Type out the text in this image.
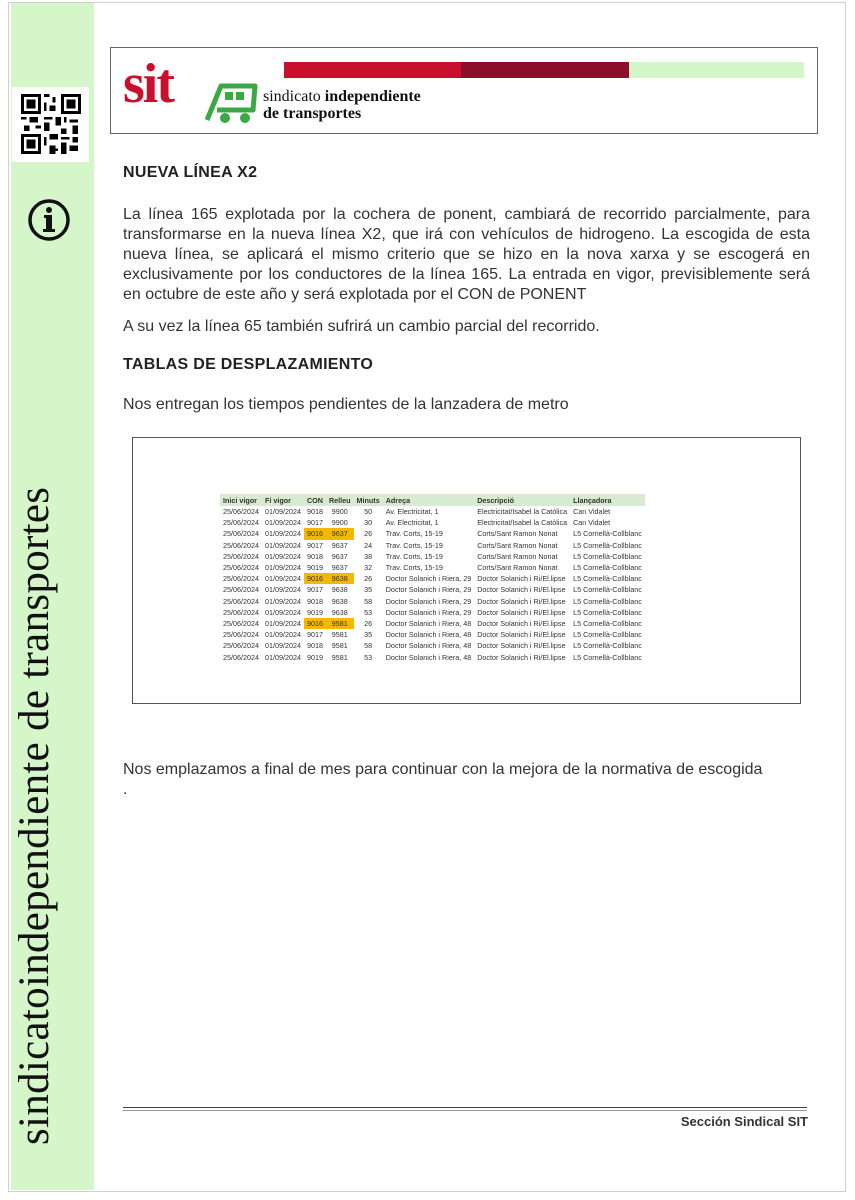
sindicatoindependiente de transportes
sit	sindicato independiente
de transportes
NUEVA LÍNEA X2

La línea 165 explotada por la cochera de ponent, cambiará de recorrido parcialmente, para transformarse en la nueva línea X2, que irá con vehículos de hidrogeno. La escogida de esta nueva línea, se aplicará el mismo criterio que se hizo en la nova xarxa y se escogerá en exclusivamente por los conductores de la línea 165. La entrada en vigor, previsiblemente será en octubre de este año y será explotada por el CON de PONENT

A su vez la línea 65 también sufrirá un cambio parcial del recorrido.

TABLAS DE DESPLAZAMIENTO

Nos entregan los tiempos pendientes de la lanzadera de metro

Inici vigor	Fi vigor	CON	Relleu	Minuts	Adreça	Descripció	Llançadora
25/06/2024	01/09/2024	9018	9900	50	Av. Electricitat, 1	Electricitat/Isabel la Católica	Can Vidalet
25/06/2024	01/09/2024	9017	9900	30	Av. Electricitat, 1	Electricitat/Isabel la Católica	Can Vidalet
25/06/2024	01/09/2024	9016	9637	26	Trav. Corts, 15-19	Corts/Sant Ramon Nonat	L5 Cornellà-Collblanc
25/06/2024	01/09/2024	9017	9637	24	Trav. Corts, 15-19	Corts/Sant Ramon Nonat	L5 Cornellà-Collblanc
25/06/2024	01/09/2024	9018	9637	38	Trav. Corts, 15-19	Corts/Sant Ramon Nonat	L5 Cornellà-Collblanc
25/06/2024	01/09/2024	9019	9637	32	Trav. Corts, 15-19	Corts/Sant Ramon Nonat	L5 Cornellà-Collblanc
25/06/2024	01/09/2024	9016	9638	26	Doctor Solanich i Riera, 29	Doctor Solanich i Ri/El.lipse	L5 Cornellà-Collblanc
25/06/2024	01/09/2024	9017	9638	35	Doctor Solanich i Riera, 29	Doctor Solanich i Ri/El.lipse	L5 Cornellà-Collblanc
25/06/2024	01/09/2024	9018	9638	58	Doctor Solanich i Riera, 29	Doctor Solanich i Ri/El.lipse	L5 Cornellà-Collblanc
25/06/2024	01/09/2024	9019	9638	53	Doctor Solanich i Riera, 29	Doctor Solanich i Ri/El.lipse	L5 Cornellà-Collblanc
25/06/2024	01/09/2024	9016	9581	26	Doctor Solanich i Riera, 48	Doctor Solanich i Ri/El.lipse	L5 Cornellà-Collblanc
25/06/2024	01/09/2024	9017	9581	35	Doctor Solanich i Riera, 48	Doctor Solanich i Ri/El.lipse	L5 Cornellà-Collblanc
25/06/2024	01/09/2024	9018	9581	58	Doctor Solanich i Riera, 48	Doctor Solanich i Ri/El.lipse	L5 Cornellà-Collblanc
25/06/2024	01/09/2024	9019	9581	53	Doctor Solanich i Riera, 48	Doctor Solanich i Ri/El.lipse	L5 Cornellà-Collblanc

Nos emplazamos a final de mes para continuar con la mejora de la normativa de escogida

.

Sección Sindical SIT
